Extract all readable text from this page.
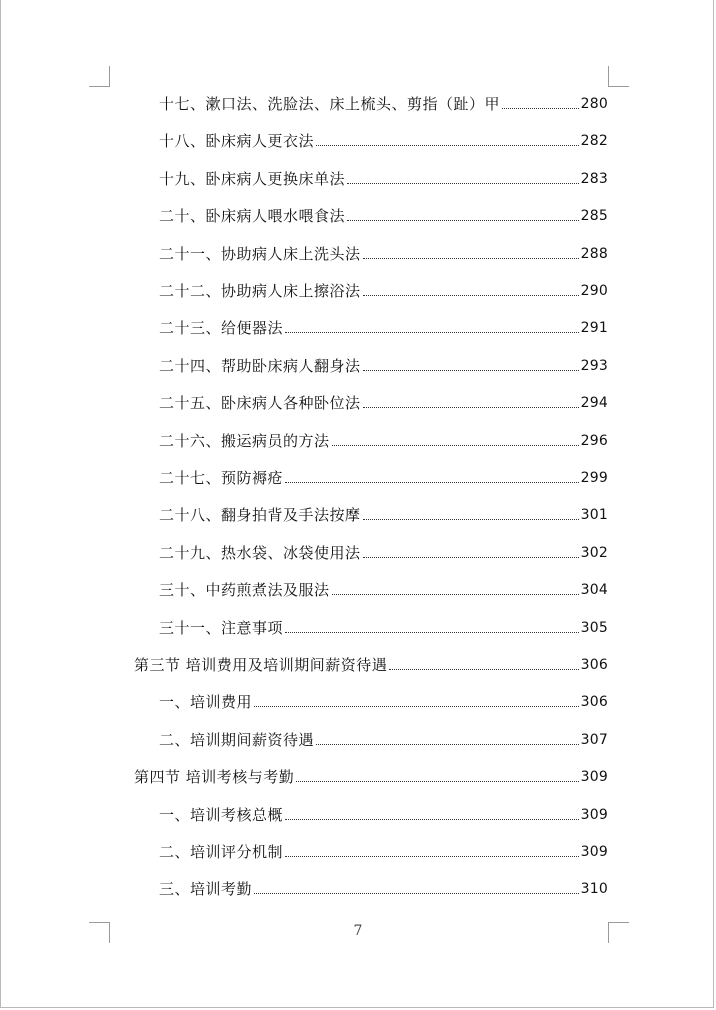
十七、漱口法、洗脸法、床上梳头、剪指（趾）甲	280
十八、卧床病人更衣法	282
十九、卧床病人更换床单法	283
二十、卧床病人喂水喂食法	285
二十一、协助病人床上洗头法	288
二十二、协助病人床上擦浴法	290
二十三、给便器法	291
二十四、帮助卧床病人翻身法	293
二十五、卧床病人各种卧位法	294
二十六、搬运病员的方法	296
二十七、预防褥疮	299
二十八、翻身拍背及手法按摩	301
二十九、热水袋、冰袋使用法	302
三十、中药煎煮法及服法	304
三十一、注意事项	305
第三节 培训费用及培训期间薪资待遇	306
一、培训费用	306
二、培训期间薪资待遇	307
第四节 培训考核与考勤	309
一、培训考核总概	309
二、培训评分机制	309
三、培训考勤	310
7
